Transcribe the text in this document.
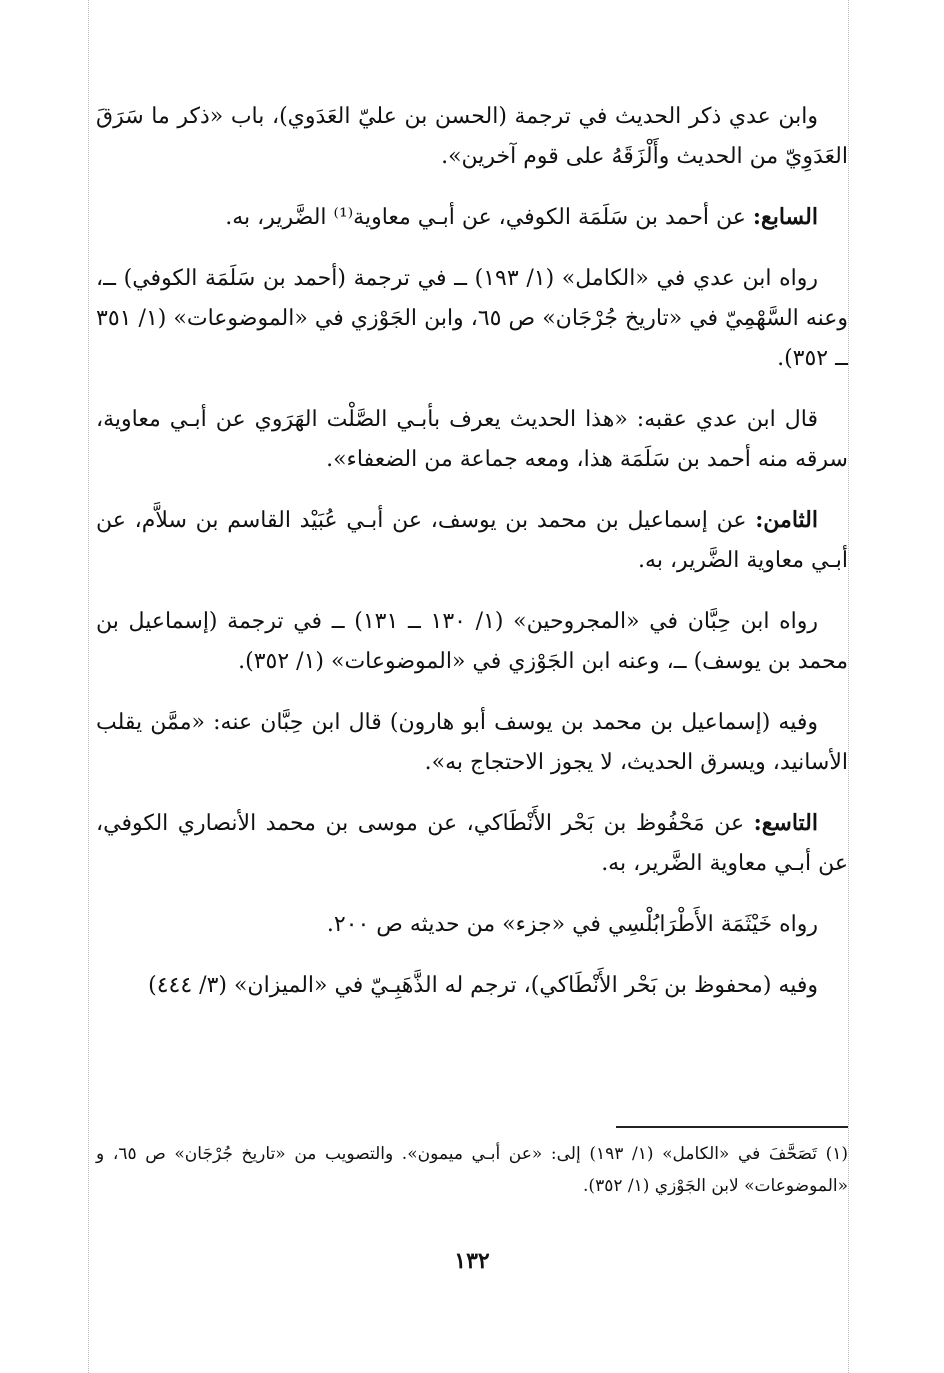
وابن عدي ذكر الحديث في ترجمة (الحسن بن عليّ العَدَوي)، باب «ذكر ما سَرَقَ العَدَوِيّ من الحديث وأَلْزَقَهُ على قوم آخرين».

السابع: عن أحمد بن سَلَمَة الكوفي، عن أبـي معاوية⁽¹⁾ الضَّرير، به.

رواه ابن عدي في «الكامل» (١/ ١٩٣) ــ في ترجمة (أحمد بن سَلَمَة الكوفي) ــ، وعنه السَّهْمِيّ في «تاريخ جُرْجَان» ص ٦٥، وابن الجَوْزي في «الموضوعات» (١/ ٣٥١ ــ ٣٥٢).

قال ابن عدي عقبه: «هذا الحديث يعرف بأبـي الصَّلْت الهَرَوي عن أبـي معاوية، سرقه منه أحمد بن سَلَمَة هذا، ومعه جماعة من الضعفاء».

الثامن: عن إسماعيل بن محمد بن يوسف، عن أبـي عُبَيْد القاسم بن سلاَّم، عن أبـي معاوية الضَّرير، به.

رواه ابن حِبَّان في «المجروحين» (١/ ١٣٠ ــ ١٣١) ــ في ترجمة (إسماعيل بن محمد بن يوسف) ــ، وعنه ابن الجَوْزي في «الموضوعات» (١/ ٣٥٢).

وفيه (إسماعيل بن محمد بن يوسف أبو هارون) قال ابن حِبَّان عنه: «ممَّن يقلب الأسانيد، ويسرق الحديث، لا يجوز الاحتجاج به».

التاسع: عن مَحْفُوظ بن بَحْر الأَنْطَاكي، عن موسى بن محمد الأنصاري الكوفي، عن أبـي معاوية الضَّرير، به.

رواه خَيْثَمَة الأَطْرَابُلْسِي في «جزء» من حديثه ص ٢٠٠.

وفيه (محفوظ بن بَحْر الأَنْطَاكي)، ترجم له الذَّهَبِـيّ في «الميزان» (٣/ ٤٤٤)

(١) تَصَحَّفَ في «الكامل» (١/ ١٩٣) إلى: «عن أبـي ميمون». والتصويب من «تاريخ جُرْجَان» ص ٦٥، و «الموضوعات» لابن الجَوْزي (١/ ٣٥٢).
١٣٢
